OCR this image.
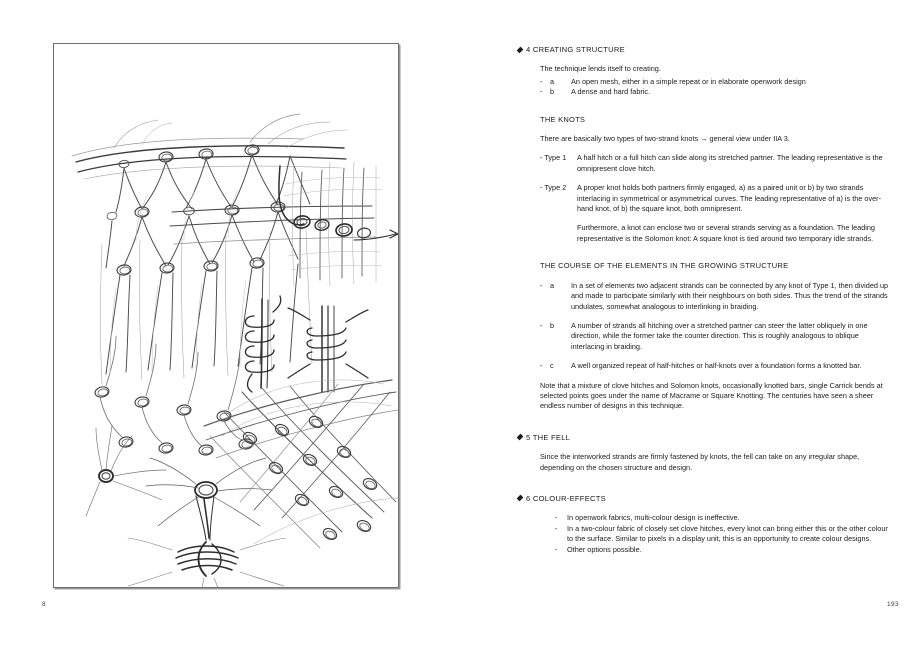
8
4 CREATING STRUCTURE
The technique lends itself to creating.
-	a	An open mesh, either in a simple repeat or in elaborate openwork design
-	b	A dense and hard fabric.
THE KNOTS
There are basically two types of two-strand knots → general view under IIA 3.
- Type 1	A half hitch or a full hitch can slide along its stretched partner. The leading representative is the omnipresent clove hitch.
- Type 2	A proper knot holds both partners firmly engaged, a) as a paired unit or b) by two strands interlacing in symmetrical or asymmetrical curves. The leading representative of a) is the over-hand knot, of b) the square knot, both omnipresent.
Furthermore, a knot can enclose two or several strands serving as a foundation. The leading representative is the Solomon knot: A square knot is tied around two temporary idle strands.
THE COURSE OF THE ELEMENTS IN THE GROWING STRUCTURE
-	a	In a set of elements two adjacent strands can be connected by any knot of Type 1, then divided up and made to participate similarly with their neighbours on both sides. Thus the trend of the strands undulates, somewhat analogous to interlinking in braiding.
-	b	A number of strands all hitching over a stretched partner can steer the latter obliquely in one direction, while the former take the counter direction. This is roughly analogous to oblique interlacing in braiding.
-	c	A well organized repeat of half-hitches or half-knots over a foundation forms a knotted bar.
Note that a mixture of clove hitches and Solomon knots, occasionally knotted bars, single Carrick bends at selected points goes under the name of Macrame or Square Knotting. The centuries have seen a sheer endless number of designs in this technique.
5 THE FELL
Since the interworked strands are firmly fastened by knots, the fell can take on any irregular shape, depending on the chosen structure and design.
6 COLOUR-EFFECTS
-	In openwork fabrics, multi-colour design is ineffective.
-	In a two-colour fabric of closely set clove hitches, every knot can bring either this or the other colour to the surface. Similar to pixels in a display unit, this is an opportunity to create colour designs.
-	Other options possible.
193
